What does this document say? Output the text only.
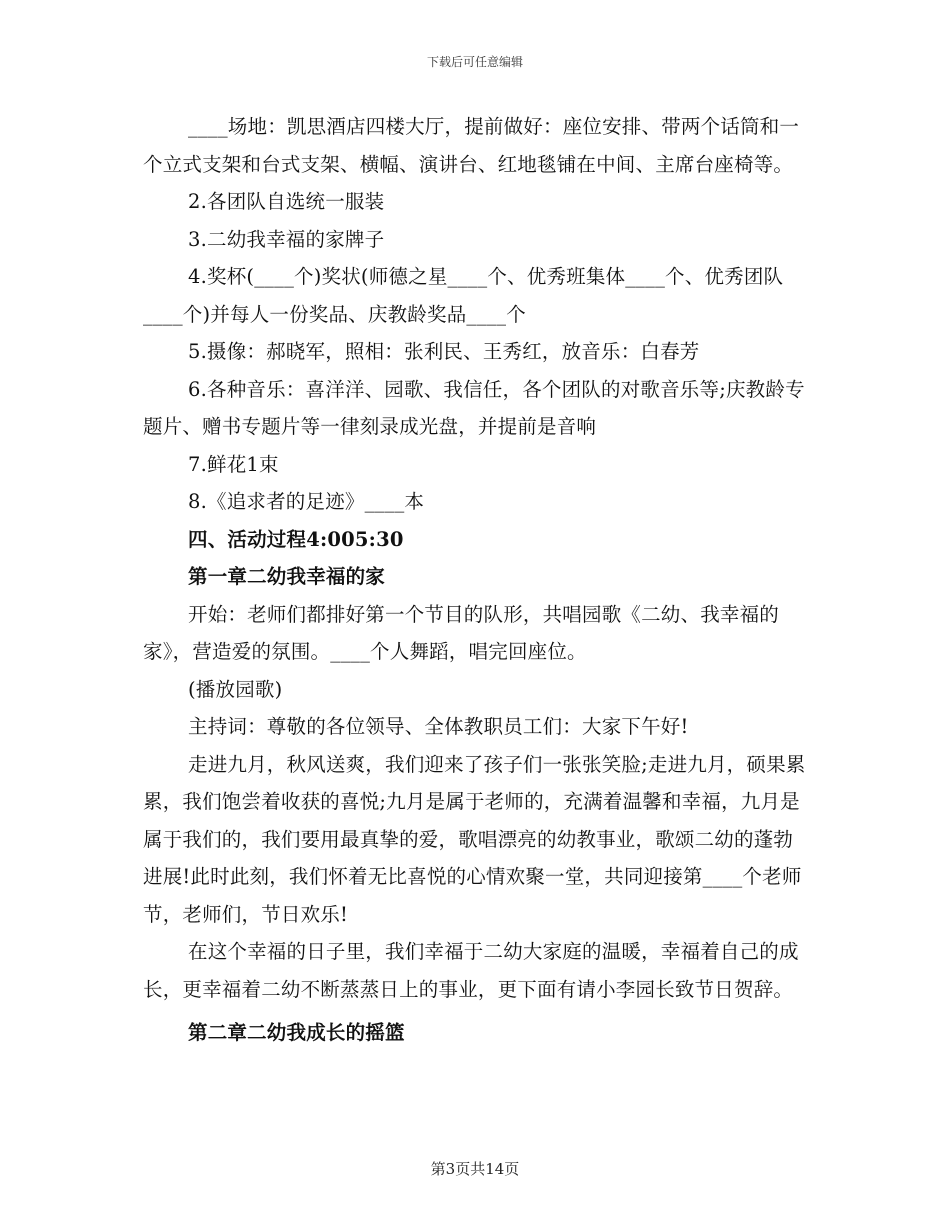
下载后可任意编辑

____场地：凯思酒店四楼大厅，提前做好：座位安排、带两个话筒和一个立式支架和台式支架、横幅、演讲台、红地毯铺在中间、主席台座椅等。

2.各团队自选统一服装

3.二幼我幸福的家牌子

4.奖杯(____个)奖状(师德之星____个、优秀班集体____个、优秀团队____个)并每人一份奖品、庆教龄奖品____个

5.摄像：郝晓军，照相：张利民、王秀红，放音乐：白春芳

6.各种音乐：喜洋洋、园歌、我信任，各个团队的对歌音乐等;庆教龄专题片、赠书专题片等一律刻录成光盘，并提前是音响

7.鲜花1束

8.《追求者的足迹》____本

四、活动过程4:005:30

第一章二幼我幸福的家

开始：老师们都排好第一个节目的队形，共唱园歌《二幼、我幸福的家》，营造爱的氛围。____个人舞蹈，唱完回座位。

(播放园歌)

主持词：尊敬的各位领导、全体教职员工们：大家下午好!

走进九月，秋风送爽，我们迎来了孩子们一张张笑脸;走进九月，硕果累累，我们饱尝着收获的喜悦;九月是属于老师的，充满着温馨和幸福，九月是属于我们的，我们要用最真挚的爱，歌唱漂亮的幼教事业，歌颂二幼的蓬勃进展!此时此刻，我们怀着无比喜悦的心情欢聚一堂，共同迎接第____个老师节，老师们，节日欢乐!

在这个幸福的日子里，我们幸福于二幼大家庭的温暖，幸福着自己的成长，更幸福着二幼不断蒸蒸日上的事业，更下面有请小李园长致节日贺辞。

第二章二幼我成长的摇篮

第3页共14页
